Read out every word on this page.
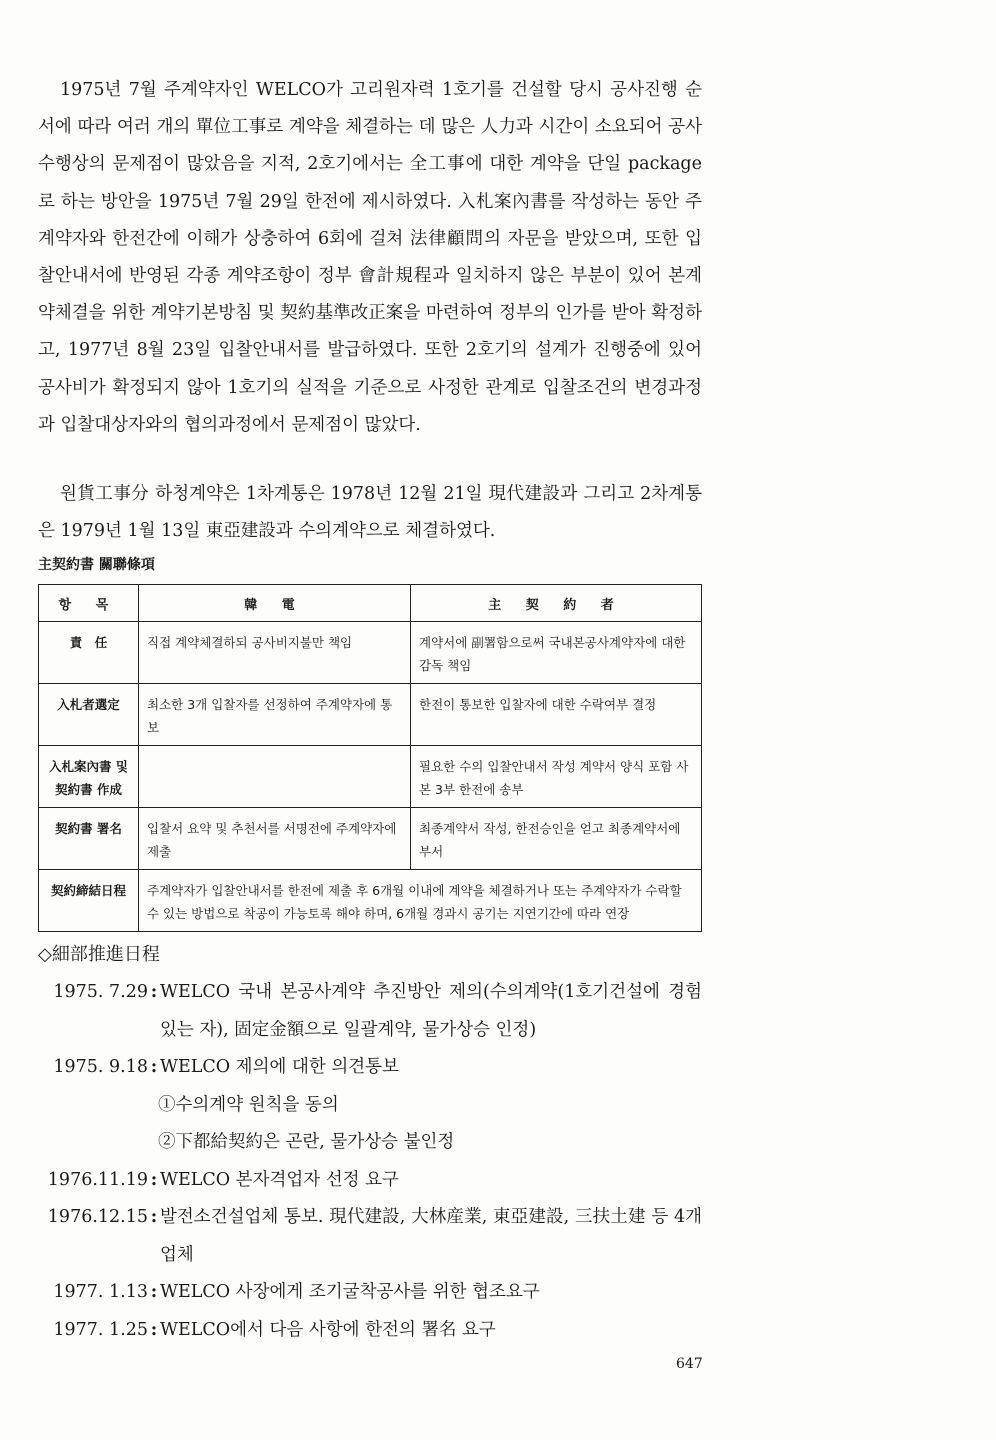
1975년 7월 주계약자인 WELCO가 고리원자력 1호기를 건설할 당시 공사진행 순서에 따라 여러 개의 單位工事로 계약을 체결하는 데 많은 人力과 시간이 소요되어 공사수행상의 문제점이 많았음을 지적, 2호기에서는 全工事에 대한 계약을 단일 package로 하는 방안을 1975년 7월 29일 한전에 제시하였다. 入札案內書를 작성하는 동안 주계약자와 한전간에 이해가 상충하여 6회에 걸쳐 法律顧問의 자문을 받았으며, 또한 입찰안내서에 반영된 각종 계약조항이 정부 會計規程과 일치하지 않은 부분이 있어 본계약체결을 위한 계약기본방침 및 契約基準改正案을 마련하여 정부의 인가를 받아 확정하고, 1977년 8월 23일 입찰안내서를 발급하였다. 또한 2호기의 설계가 진행중에 있어 공사비가 확정되지 않아 1호기의 실적을 기준으로 사정한 관계로 입찰조건의 변경과정과 입찰대상자와의 협의과정에서 문제점이 많았다.

원貨工事分 하청계약은 1차계통은 1978년 12월 21일 現代建設과 그리고 2차계통은 1979년 1월 13일 東亞建設과 수의계약으로 체결하였다.

主契約書 關聯條項
항 목	韓 電	主 契 約 者
責　任	직접 계약체결하되 공사비지불만 책임	계약서에 副署함으로써 국내본공사계약자에 대한 감독 책임
入札者選定	최소한 3개 입찰자를 선정하여 주계약자에 통보	한전이 통보한 입찰자에 대한 수락여부 결정
入札案內書 및 契約書 作成		필요한 수의 입찰안내서 작성 계약서 양식 포함 사본 3부 한전에 송부
契約書 署名	입찰서 요약 및 추천서를 서명전에 주계약자에 제출	최종계약서 작성, 한전승인을 얻고 최종계약서에 부서
契約締結日程	주계약자가 입찰안내서를 한전에 제출 후 6개월 이내에 계약을 체결하거나 또는 주계약자가 수락할 수 있는 방법으로 착공이 가능토록 해야 하며, 6개월 경과시 공기는 지연기간에 따라 연장	
◇細部推進日程
1975. 7.29 : WELCO 국내 본공사계약 추진방안 제의(수의계약(1호기건설에 경험있는 자), 固定金額으로 일괄계약, 물가상승 인정)
1975. 9.18 : WELCO 제의에 대한 의견통보
①수의계약 원칙을 동의
②下都給契約은 곤란, 물가상승 불인정
1976.11.19 : WELCO 본자격업자 선정 요구
1976.12.15 : 발전소건설업체 통보. 現代建設, 大林産業, 東亞建設, 三扶土建 등 4개업체
1977. 1.13 : WELCO 사장에게 조기굴착공사를 위한 협조요구
1977. 1.25 : WELCO에서 다음 사항에 한전의 署名 요구
647
